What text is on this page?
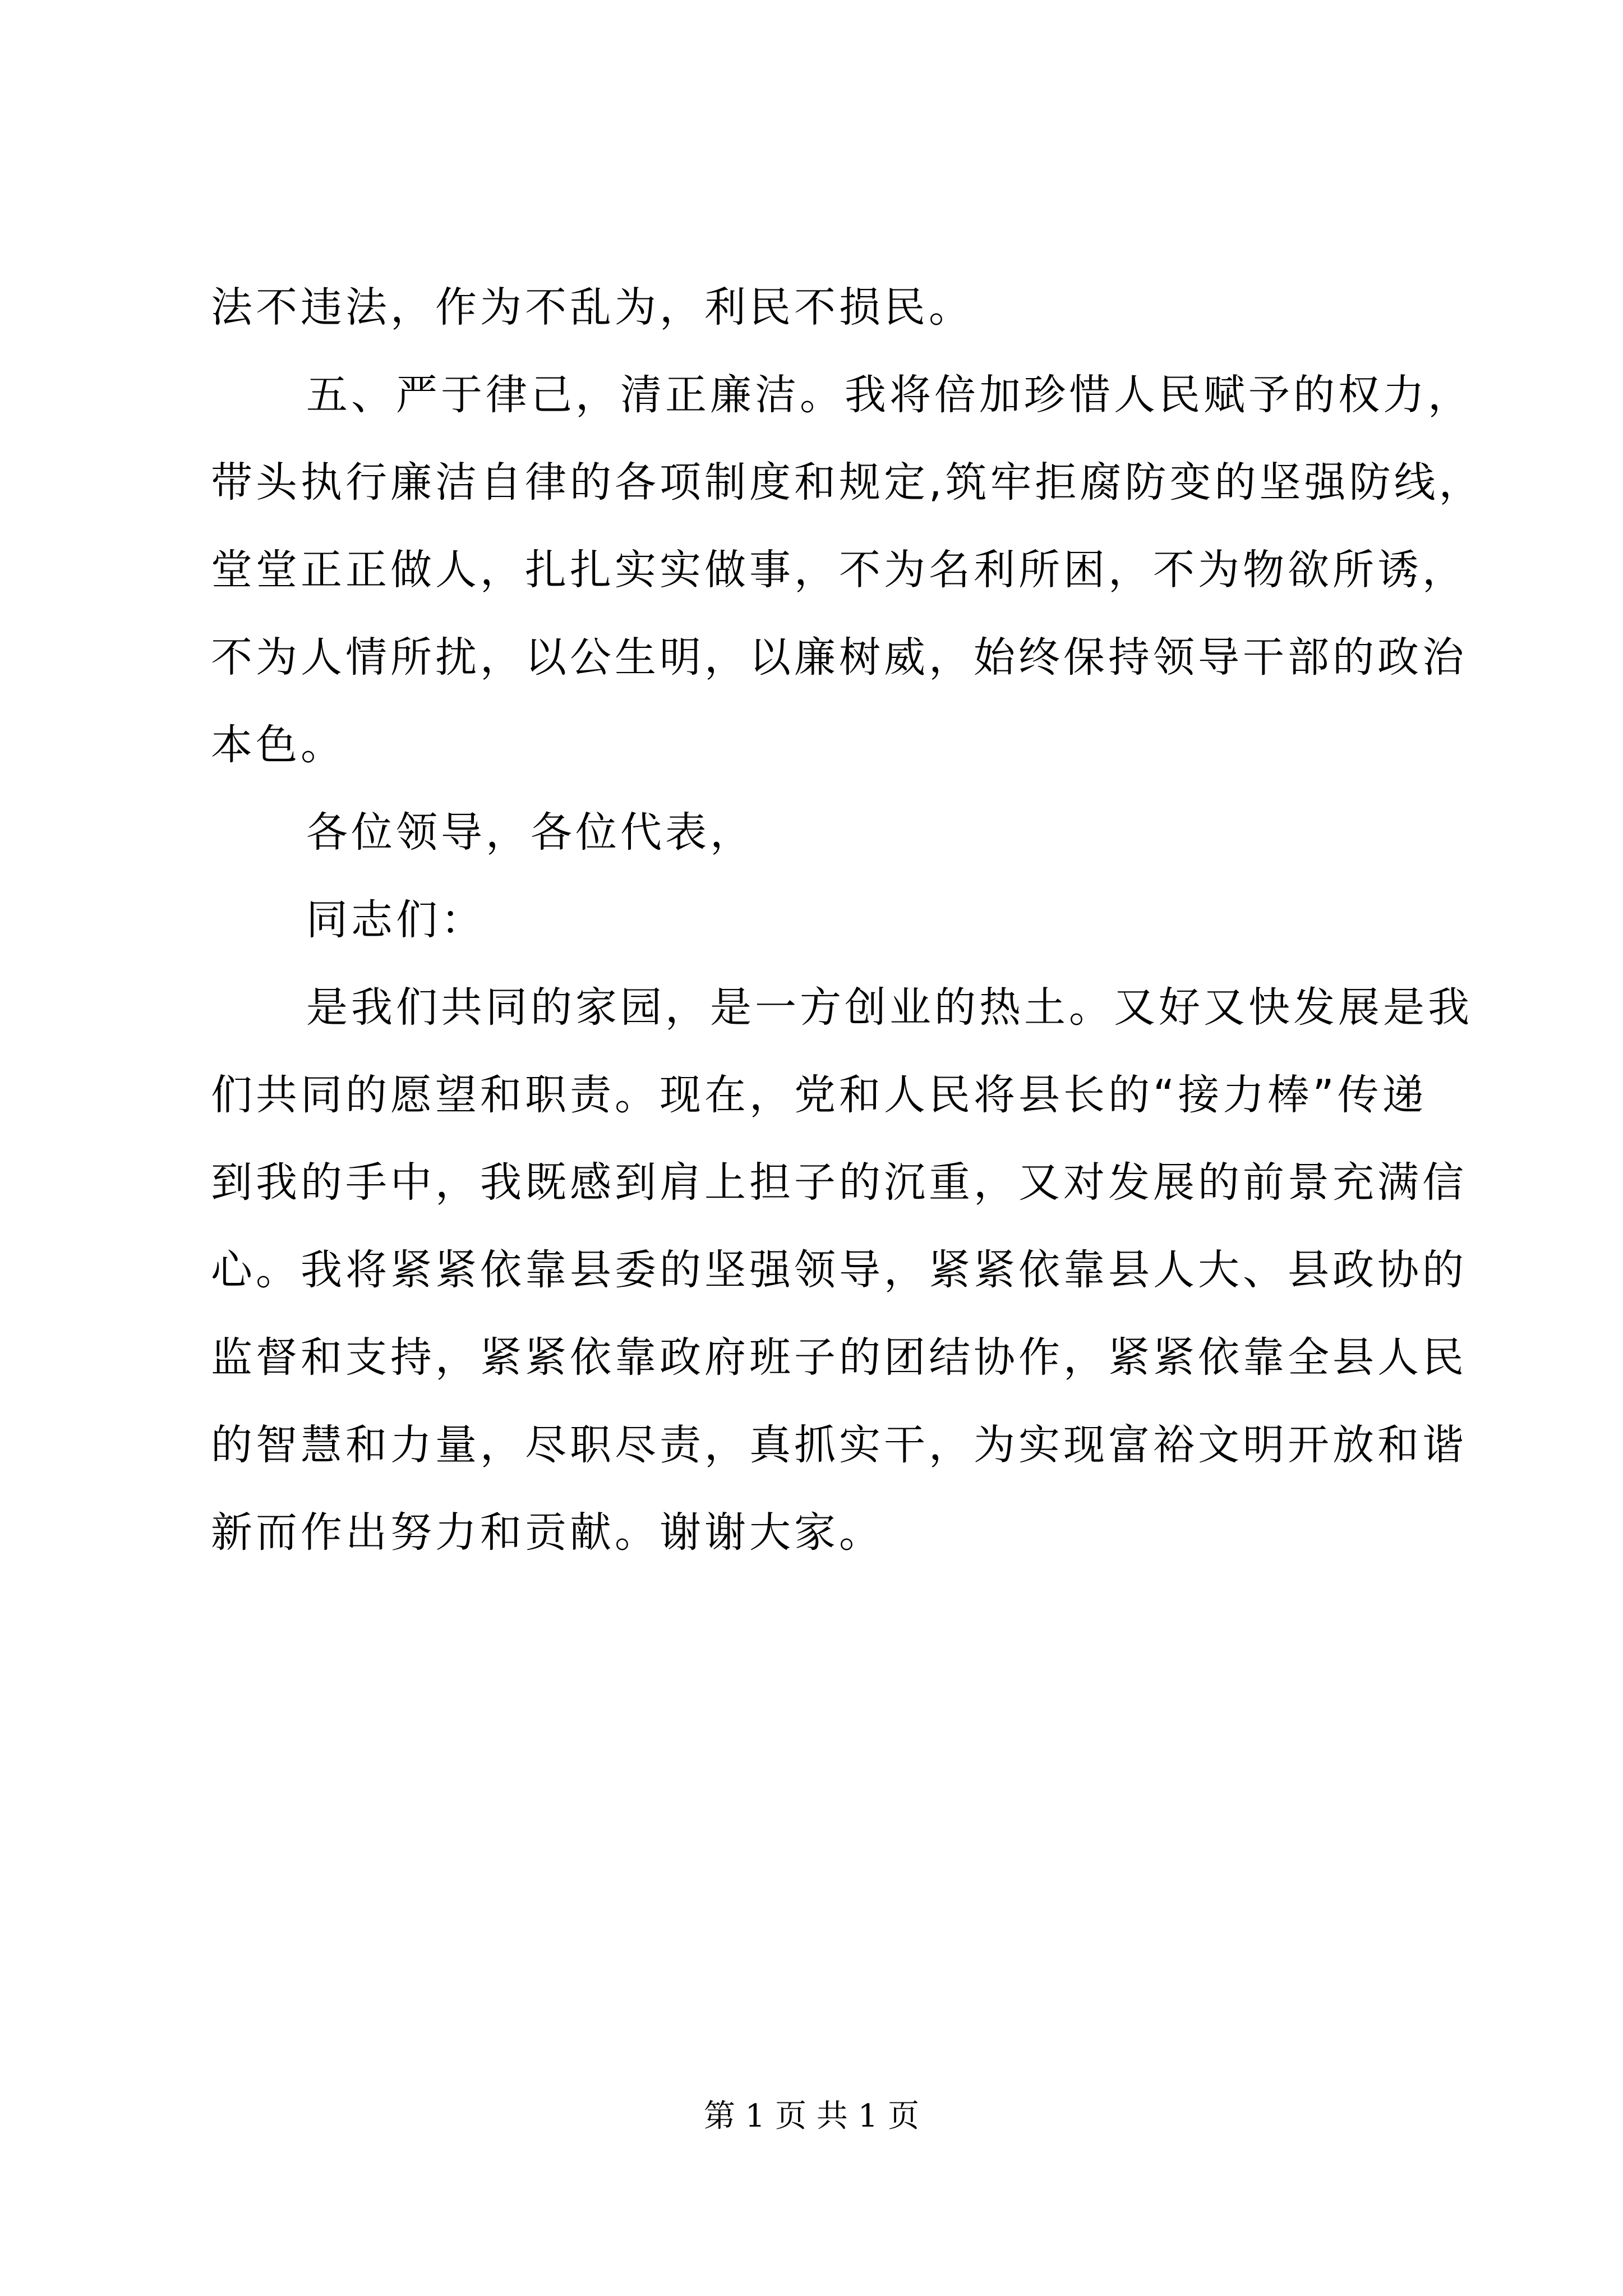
法不违法，作为不乱为，利民不损民。
五、严于律己，清正廉洁。我将倍加珍惜人民赋予的权力，
带头执行廉洁自律的各项制度和规定,筑牢拒腐防变的坚强防线，
堂堂正正做人，扎扎实实做事，不为名利所困，不为物欲所诱，
不为人情所扰，以公生明，以廉树威，始终保持领导干部的政治
本色。
各位领导，各位代表，
同志们：
是我们共同的家园，是一方创业的热土。又好又快发展是我
们共同的愿望和职责。现在，党和人民将县长的“接力棒”传递
到我的手中，我既感到肩上担子的沉重，又对发展的前景充满信
心。我将紧紧依靠县委的坚强领导，紧紧依靠县人大、县政协的
监督和支持，紧紧依靠政府班子的团结协作，紧紧依靠全县人民
的智慧和力量，尽职尽责，真抓实干，为实现富裕文明开放和谐
新而作出努力和贡献。谢谢大家。
第 1 页 共 1 页
